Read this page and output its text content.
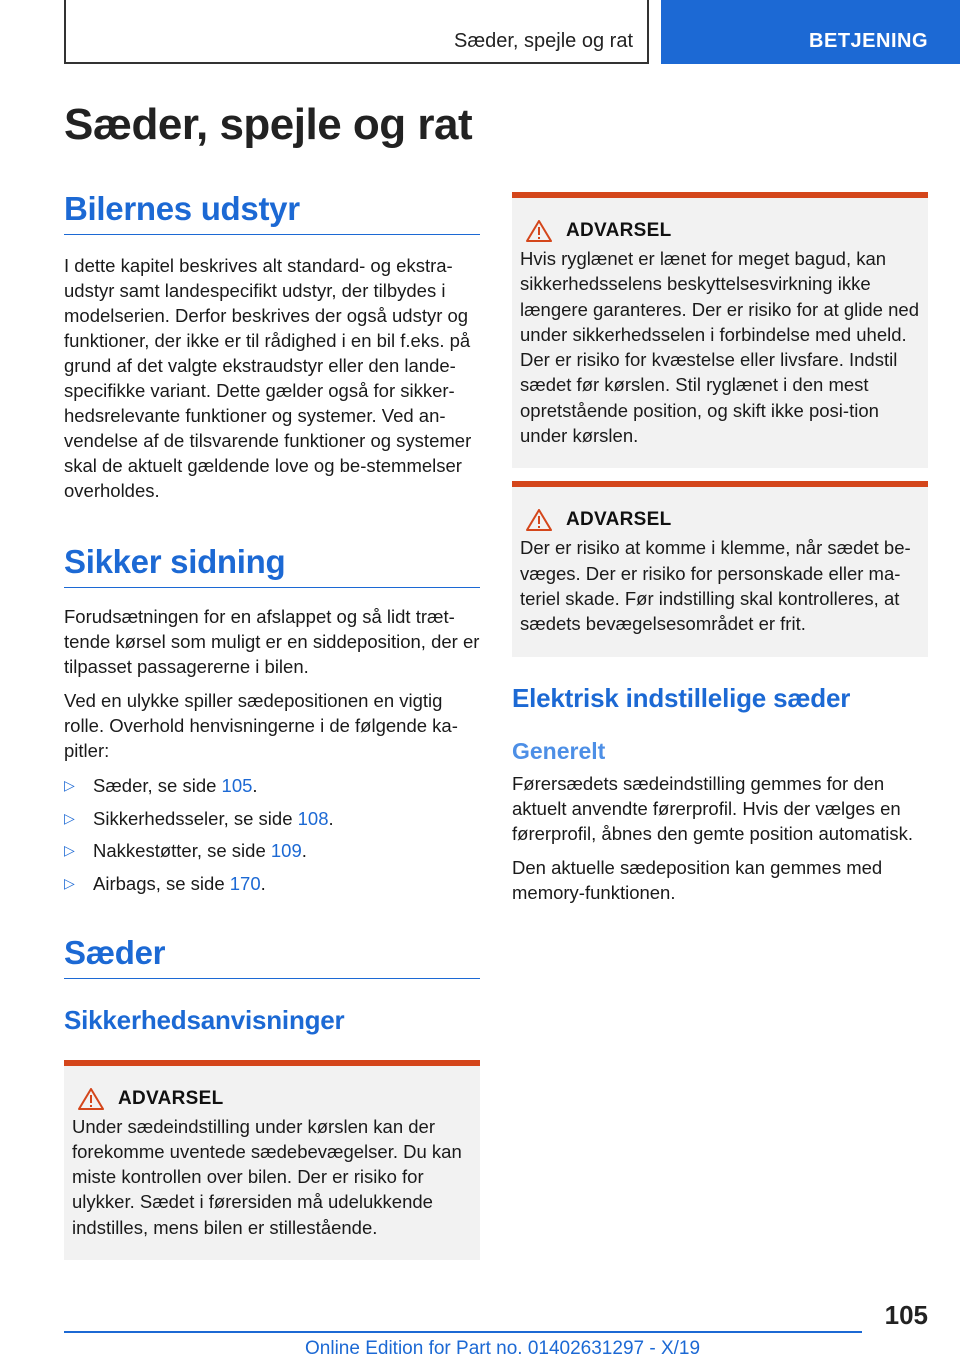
Sæder, spejle og rat	BETJENING
Sæder, spejle og rat
Bilernes udstyr

I dette kapitel beskrives alt standard- og ekstra-udstyr samt landespecifikt udstyr, der tilbydes i modelserien. Derfor beskrives der også udstyr og funktioner, der ikke er til rådighed i en bil f.eks. på grund af det valgte ekstraudstyr eller den lande-specifikke variant. Dette gælder også for sikker-hedsrelevante funktioner og systemer. Ved an-vendelse af de tilsvarende funktioner og systemer skal de aktuelt gældende love og be-stemmelser overholdes.

Sikker sidning

Forudsætningen for en afslappet og så lidt træt-tende kørsel som muligt er en siddeposition, der er tilpasset passagererne i bilen.

Ved en ulykke spiller sædepositionen en vigtig rolle. Overhold henvisningerne i de følgende ka-pitler:

▷ Sæder, se side 105.
▷ Sikkerhedsseler, se side 108.
▷ Nakkestøtter, se side 109.
▷ Airbags, se side 170.
Sæder
Sikkerhedsanvisninger
ADVARSEL

Under sædeindstilling under kørslen kan der forekomme uventede sædebevægelser. Du kan miste kontrollen over bilen. Der er risiko for ulykker. Sædet i førersiden må udelukkende indstilles, mens bilen er stillestående.

ADVARSEL

Hvis ryglænet er lænet for meget bagud, kan sikkerhedsselens beskyttelsesvirkning ikke længere garanteres. Der er risiko for at glide ned under sikkerhedsselen i forbindelse med uheld. Der er risiko for kvæstelse eller livsfare. Indstil sædet før kørslen. Stil ryglænet i den mest opretstående position, og skift ikke posi-tion under kørslen.

ADVARSEL

Der er risiko at komme i klemme, når sædet be-væges. Der er risiko for personskade eller ma-teriel skade. Før indstilling skal kontrolleres, at sædets bevægelsesområdet er frit.

Elektrisk indstillelige sæder
Generelt

Førersædets sædeindstilling gemmes for den aktuelt anvendte førerprofil. Hvis der vælges en førerprofil, åbnes den gemte position automatisk.

Den aktuelle sædeposition kan gemmes med memory-funktionen.

105
Online Edition for Part no. 01402631297 - X/19
